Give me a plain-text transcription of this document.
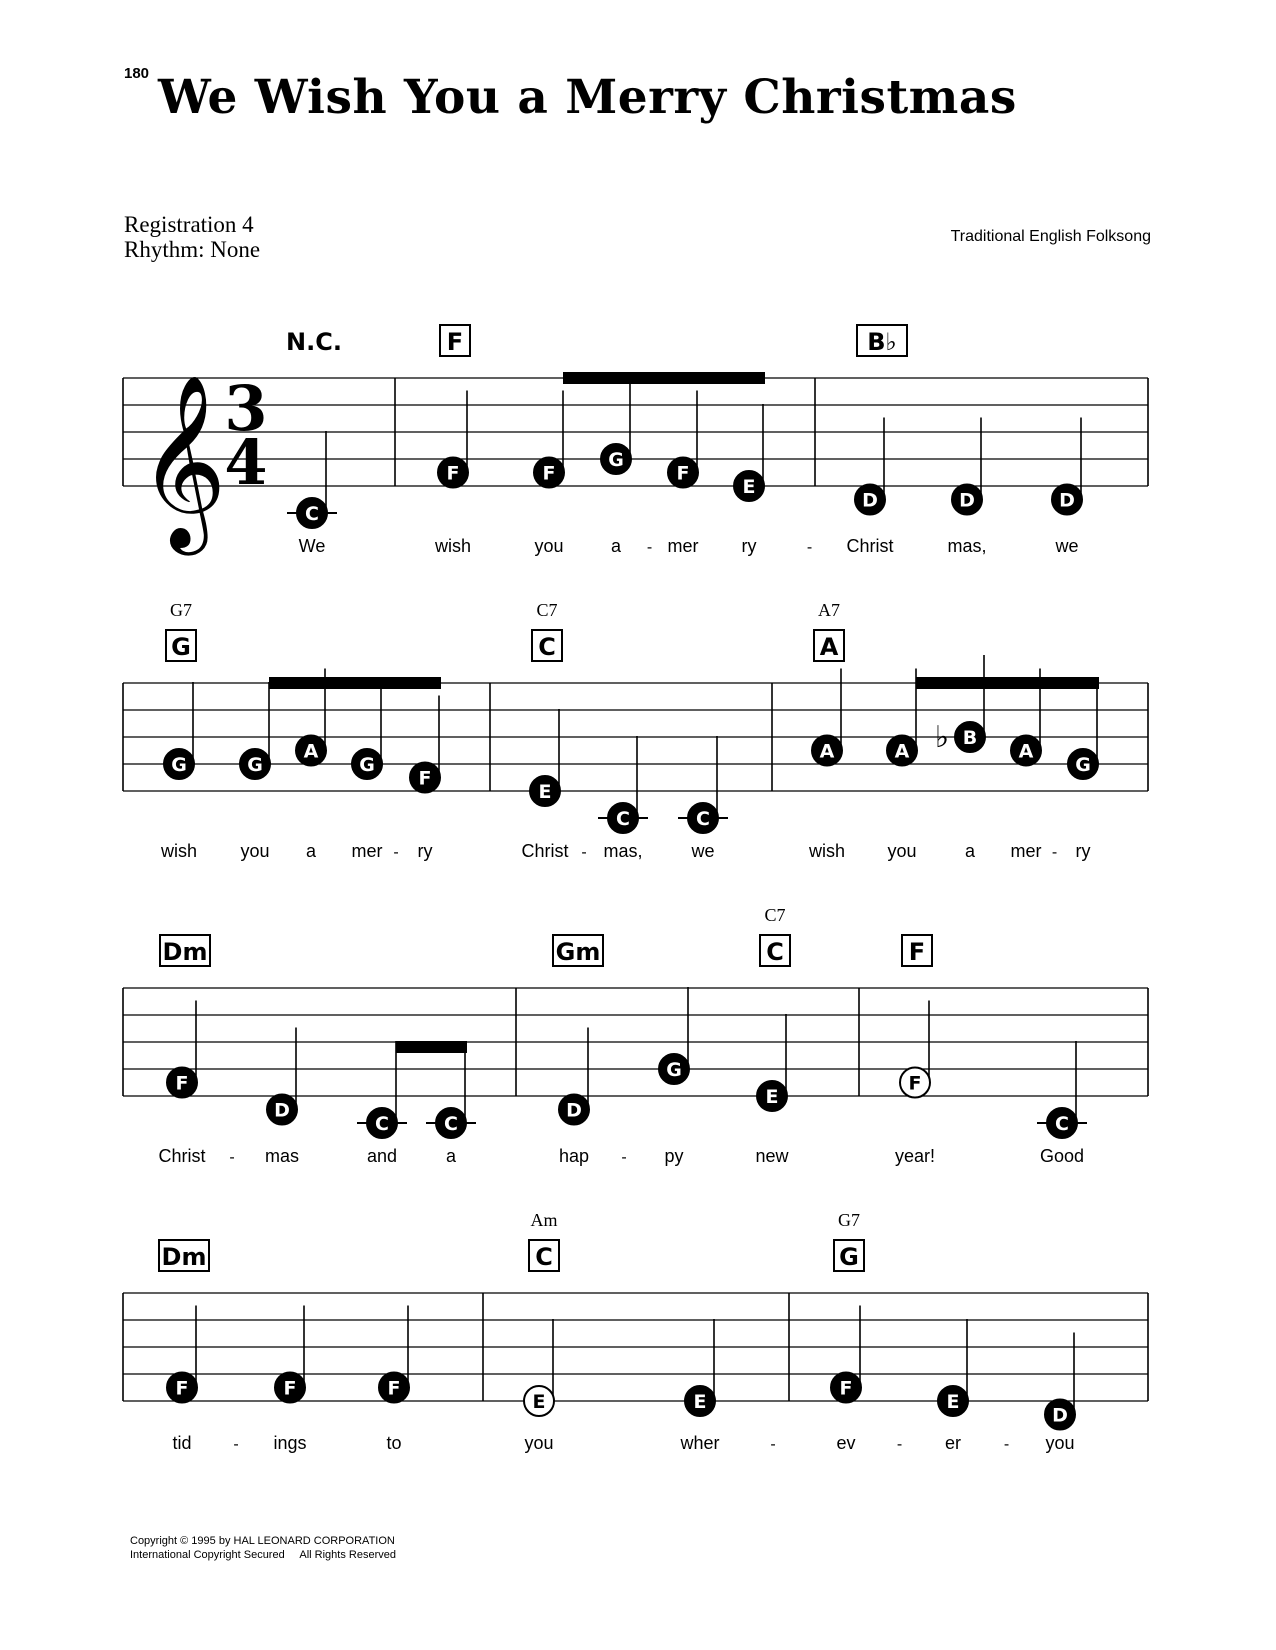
180 We Wish You a Merry Christmas
Registration 4
Rhythm: None
Traditional English Folksong
Copyright © 1995 by HAL LEONARD CORPORATION
International Copyright Secured     All Rights Reserved
𝄞
3
4
N.C.
C
We
F
F
wish
F
you
G
a
F
mer
E
ry
B♭
D
Christ
D
mas,
D
we
-	-
G7
G
G
wish
G
you
A
a
G
mer
F
ry
C7
C
E
Christ
C
mas,
C
we
A7
A
A
wish
A
you
B
♭
a
A
mer
G
ry
-	-	-
Dm
F
Christ
D
mas
C
and
C
a
Gm
C7
C
D
hap
G
py
E
new
F
F
year!
C
Good
-	-
Dm
F
tid
F
ings
F
to
Am
C
E
you
E
wher
G7
G
F
ev
E
er
D
you
-	-	-	-
